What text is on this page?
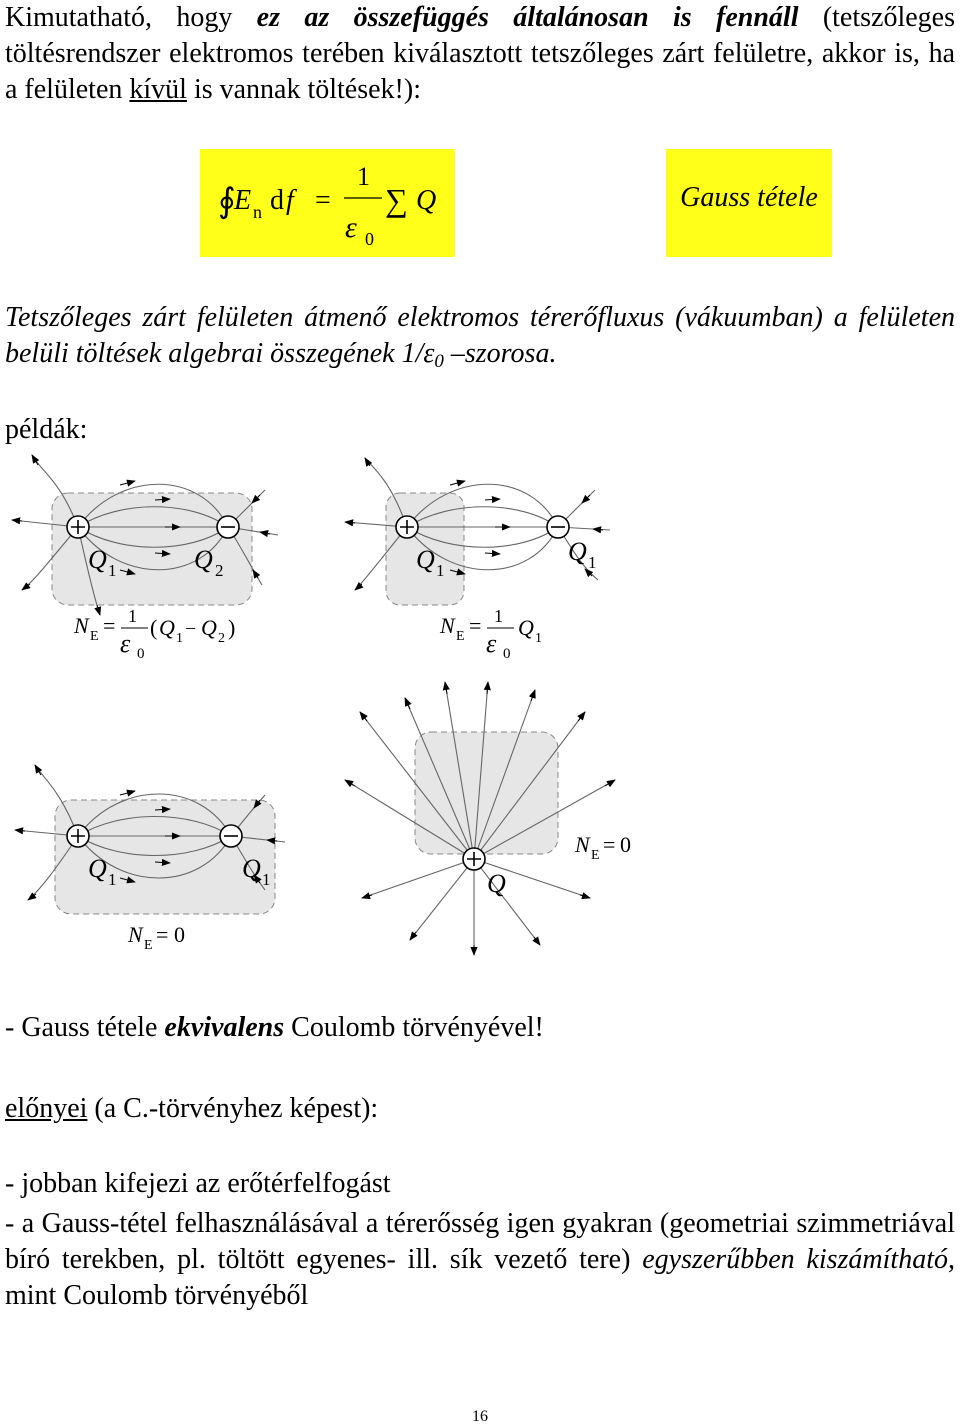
Kimutatható, hogy ez az összefüggés általánosan is fennáll (tetszőleges töltésrendszer elektromos terében kiválasztott tetszőleges zárt felületre, akkor is, ha a felületen kívül is vannak töltések!):

∮
E n d f =
1
ε 0
∑ Q	Gauss tétele

Tetszőleges zárt felületen átmenő elektromos térerőfluxus (vákuumban) a felületen belüli töltések algebrai összegének $1/\varepsilon_0$ –szorosa.

példák:

Q 1	Q 2
N E = 1
ε 0
( Q 1
– Q 2 )
Q 1
Q 1
N E = 1
ε 0
Q 1
Q 1	Q 1
N E = 0
Q
N E = 0

- Gauss tétele ekvivalens Coulomb törvényével!

előnyei (a C.-törvényhez képest):

- jobban kifejezi az erőtérfelfogást

- a Gauss-tétel felhasználásával a térerősség igen gyakran (geometriai szimmetriával bíró terekben, pl. töltött egyenes- ill. sík vezető tere) egyszerűbben kiszámítható, mint Coulomb törvényéből

16
